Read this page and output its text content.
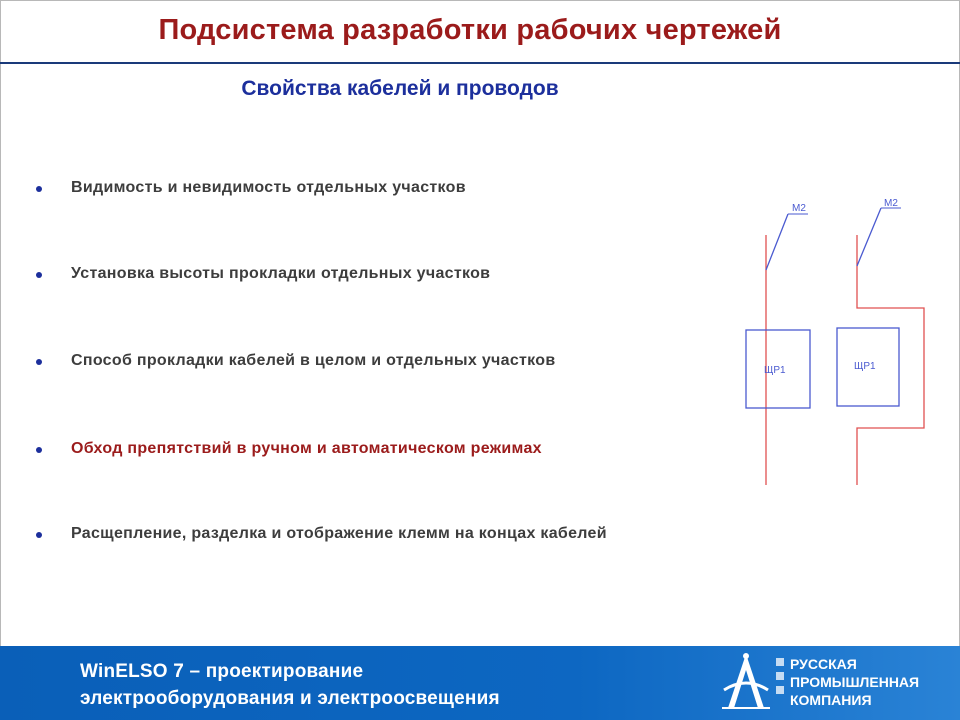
Подсистема разработки рабочих чертежей
Свойства кабелей и проводов
Видимость и невидимость отдельных участков
Установка высоты прокладки отдельных участков
Способ прокладки кабелей в целом и отдельных участков
Обход препятствий в ручном и автоматическом режимах
Расщепление, разделка и отображение клемм на концах кабелей
М2
ЩР1
М2
ЩР1
WinELSO 7 – проектирование
электрооборудования и электроосвещения
РУССКАЯ
ПРОМЫШЛЕННАЯ
КОМПАНИЯ
